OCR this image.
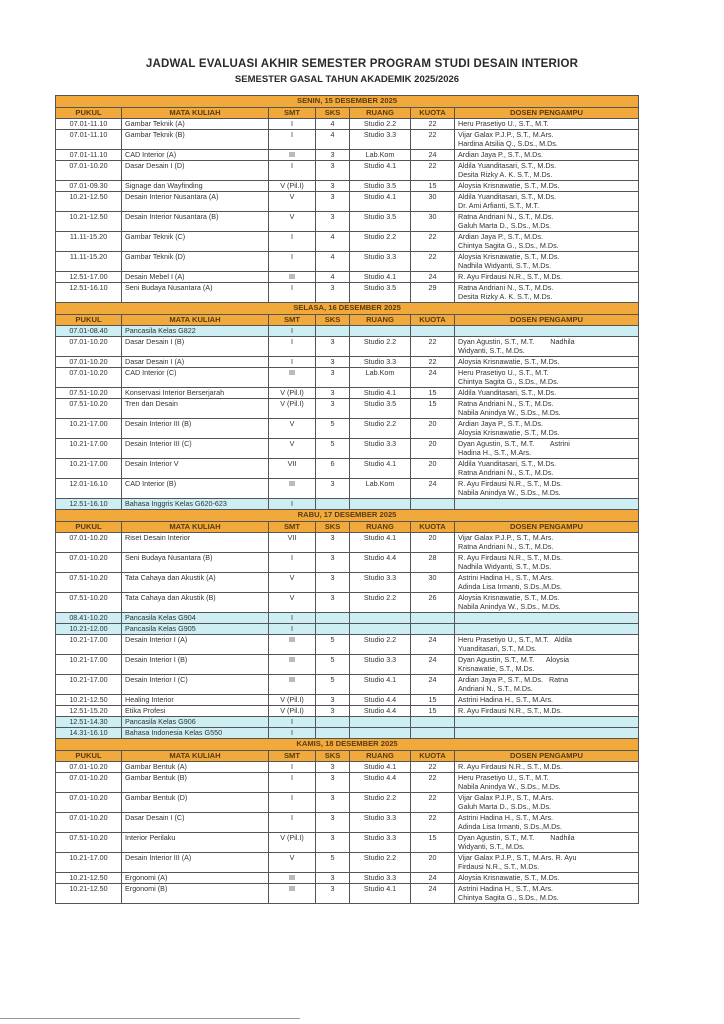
JADWAL EVALUASI AKHIR SEMESTER PROGRAM STUDI DESAIN INTERIOR
SEMESTER GASAL TAHUN AKADEMIK 2025/2026
SENIN, 15 DESEMBER 2025						
PUKUL	MATA KULIAH	SMT	SKS	RUANG	KUOTA	DOSEN PENGAMPU
07.01-11.10	Gambar Teknik (A)	I	4	Studio 2.2	22	Heru Prasetiyo U., S.T., M.T.

07.01-11.10	Gambar Teknik (B)	I	4	Studio 3.3	22	Vijar Galax P.J.P., S.T., M.Ars.
Hardina Atsilia Q., S.Ds., M.Ds.

07.01-11.10	CAD Interior (A)	III	3	Lab.Kom	24	Ardian Jaya P., S.T., M.Ds.

07.01-10.20	Dasar Desain I (D)	I	3	Studio 4.1	22	Aldila Yuanditasari, S.T., M.Ds.
Desita Rizky A. K. S.T., M.Ds.

07.01-09.30	Signage dan Wayfinding	V (Pil.I)	3	Studio 3.5	15	Aloysia Krisnawatie, S.T., M.Ds.

10.21-12.50	Desain Interior Nusantara (A)	V	3	Studio 4.1	30	Aldila Yuanditasari, S.T., M.Ds.
Dr. Ami Arfianti, S.T., M.T.

10.21-12.50	Desain Interior Nusantara (B)	V	3	Studio 3.5	30	Ratna Andriani N., S.T., M.Ds.
Galuh Marta D., S.Ds., M.Ds.

11.11-15.20	Gambar Teknik (C)	I	4	Studio 2.2	22	Ardian Jaya P., S.T., M.Ds.
Chintya Sagita G., S.Ds., M.Ds.

11.11-15.20	Gambar Teknik (D)	I	4	Studio 3.3	22	Aloysia Krisnawatie, S.T., M.Ds.
Nadhila Widyanti, S.T., M.Ds.

12.51-17.00	Desain Mebel I (A)	III	4	Studio 4.1	24	R. Ayu Firdausi N.R., S.T., M.Ds.

12.51-16.10	Seni Budaya Nusantara (A)	I	3	Studio 3.5	29	Ratna Andriani N., S.T., M.Ds.
Desita Rizky A. K. S.T., M.Ds.

SELASA, 16 DESEMBER 2025						
PUKUL	MATA KULIAH	SMT	SKS	RUANG	KUOTA	DOSEN PENGAMPU
07.01-08.40	Pancasila Kelas G822	I				
07.01-10.20	Dasar Desain I (B)	I	3	Studio 2.2	22	Dyan Agustin, S.T., M.T.        Nadhila
Widyanti, S.T., M.Ds.

07.01-10.20	Dasar Desain I (A)	I	3	Studio 3.3	22	Aloysia Krisnawatie, S.T., M.Ds.

07.01-10.20	CAD Interior (C)	III	3	Lab.Kom	24	Heru Prasetiyo U., S.T., M.T.
Chintya Sagita G., S.Ds., M.Ds.

07.51-10.20	Konservasi Interior Berserjarah	V (Pil.I)	3	Studio 4.1	15	Aldila Yuanditasari, S.T., M.Ds.

07.51-10.20	Tren dan Desain	V (Pil.I)	3	Studio 3.5	15	Ratna Andriani N., S.T., M.Ds.
Nabila Anindya W., S.Ds., M.Ds.

10.21-17.00	Desain Interior III (B)	V	5	Studio 2.2	20	Ardian Jaya P., S.T., M.Ds.
Aloysia Krisnawatie, S.T., M.Ds.

10.21-17.00	Desain Interior III (C)	V	5	Studio 3.3	20	Dyan Agustin, S.T., M.T.        Astrini
Hadina H., S.T., M.Ars.

10.21-17.00	Desain Interior V	VII	6	Studio 4.1	20	Aldila Yuanditasari, S.T., M.Ds.
Ratna Andriani N., S.T., M.Ds.

12.01-16.10	CAD Interior (B)	III	3	Lab.Kom	24	R. Ayu Firdausi N.R., S.T., M.Ds.
Nabila Anindya W., S.Ds., M.Ds.

12.51-16.10	Bahasa Inggris Kelas G620-623	I				
RABU, 17 DESEMBER 2025						
PUKUL	MATA KULIAH	SMT	SKS	RUANG	KUOTA	DOSEN PENGAMPU
07.01-10.20	Riset Desain Interior	VII	3	Studio 4.1	20	Vijar Galax P.J.P., S.T., M.Ars.
Ratna Andriani N., S.T., M.Ds.

07.01-10.20	Seni Budaya Nusantara (B)	I	3	Studio 4.4	28	R. Ayu Firdausi N.R., S.T., M.Ds.
Nadhila Widyanti, S.T., M.Ds.

07.51-10.20	Tata Cahaya dan Akustik (A)	V	3	Studio 3.3	30	Astrini Hadina H., S.T., M.Ars.
Adinda Lisa Irmanti, S.Ds.,M.Ds.

07.51-10.20	Tata Cahaya dan Akustik (B)	V	3	Studio 2.2	26	Aloysia Krisnawatie, S.T., M.Ds.
Nabila Anindya W., S.Ds., M.Ds.

08.41-10.20	Pancasila Kelas G904	I				
10.21-12.00	Pancasila Kelas G905	I				
10.21-17.00	Desain Interior I (A)	III	5	Studio 2.2	24	Heru Prasetiyo U., S.T., M.T.   Aldila
Yuanditasari, S.T., M.Ds.

10.21-17.00	Desain Interior I (B)	III	5	Studio 3.3	24	Dyan Agustin, S.T., M.T.      Aloysia
Krisnawatie, S.T., M.Ds.

10.21-17.00	Desain Interior I (C)	III	5	Studio 4.1	24	Ardian Jaya P., S.T., M.Ds.   Ratna
Andriani N., S.T., M.Ds.

10.21-12.50	Healing Interior	V (Pil.I)	3	Studio 4.4	15	Astrini Hadina H., S.T., M.Ars.

12.51-15.20	Etika Profesi	V (Pil.I)	3	Studio 4.4	15	R. Ayu Firdausi N.R., S.T., M.Ds.

12.51-14.30	Pancasila Kelas G906	I				
14.31-16.10	Bahasa Indonesia Kelas G550	I				
KAMIS, 18 DESEMBER 2025						
PUKUL	MATA KULIAH	SMT	SKS	RUANG	KUOTA	DOSEN PENGAMPU
07.01-10.20	Gambar Bentuk (A)	I	3	Studio 4.1	22	R. Ayu Firdausi N.R., S.T., M.Ds.

07.01-10.20	Gambar Bentuk (B)	I	3	Studio 4.4	22	Heru Prasetiyo U., S.T., M.T.
Nabila Anindya W., S.Ds., M.Ds.

07.01-10.20	Gambar Bentuk (D)	I	3	Studio 2.2	22	Vijar Galax P.J.P., S.T., M.Ars.
Galuh Marta D., S.Ds., M.Ds.

07.01-10.20	Dasar Desain I (C)	I	3	Studio 3.3	22	Astrini Hadina H., S.T., M.Ars.
Adinda Lisa Irmanti, S.Ds.,M.Ds.

07.51-10.20	Interior Perilaku	V (Pil.I)	3	Studio 3.3	15	Dyan Agustin, S.T., M.T.        Nadhila
Widyanti, S.T., M.Ds.

10.21-17.00	Desain Interior III (A)	V	5	Studio 2.2	20	Vijar Galax P.J.P., S.T., M.Ars. R. Ayu
Firdausi N.R., S.T., M.Ds.

10.21-12.50	Ergonomi (A)	III	3	Studio 3.3	24	Aloysia Krisnawatie, S.T., M.Ds.

10.21-12.50	Ergonomi (B)	III	3	Studio 4.1	24	Astrini Hadina H., S.T., M.Ars.
Chintya Sagita G., S.Ds., M.Ds.
